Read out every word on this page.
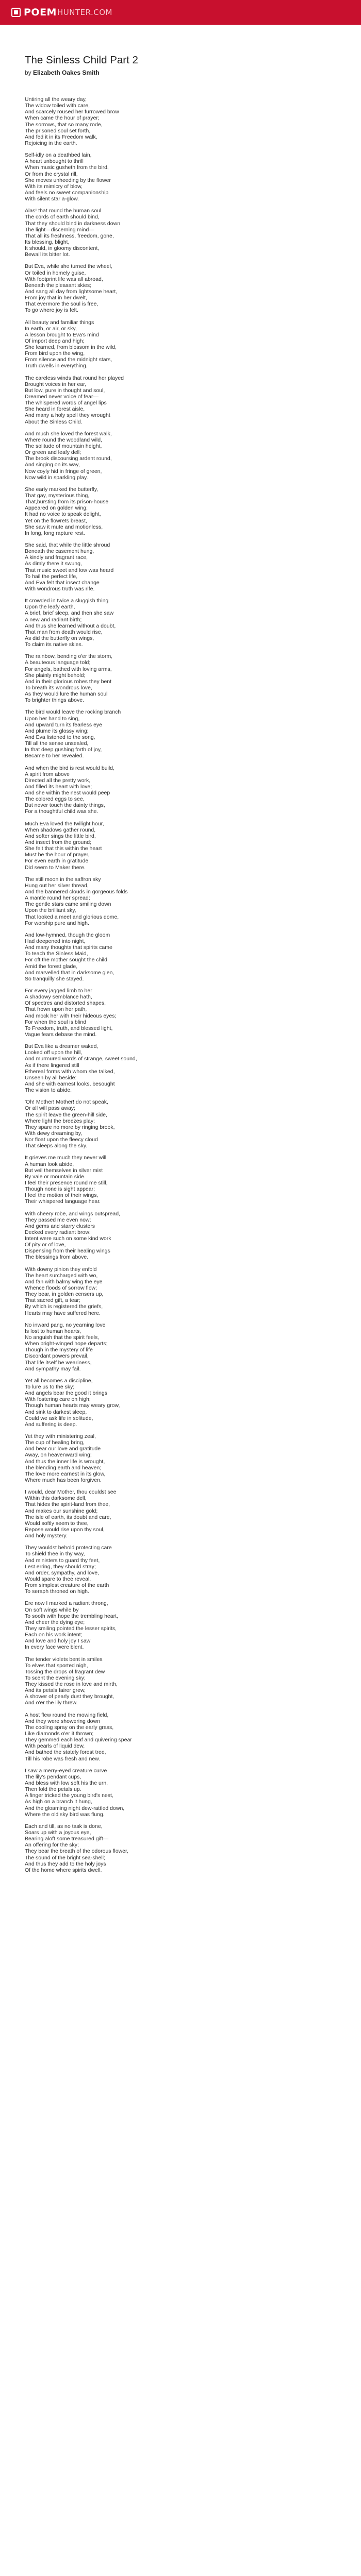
POEM HUNTER.COM
The Sinless Child Part 2
by Elizabeth Oakes Smith
Untiring all the weary day,
The widow toiled with care,
And scarcely roused her furrowed brow
When came the hour of prayer;
The sorrows, that so many rode,
The prisoned soul set forth,
And fed it in its Freedom walk,
Rejoicing in the earth.
Self-idly on a deathbed lain,
A heart unbought to thrill
When music gusheth from the bird,
Or from the crystal rill,
She moves unheeding by the flower
With its mimicry of blow,
And feels no sweet companionship
With silent star a-glow.
Alas! that round the human soul
The cords of earth should bind,
That they should bind in darkness down
The light—discerning mind—
That all its freshness, freedom, gone,
Its blessing, blight,
It should, in gloomy discontent,
Bewail its bitter lot.
But Eva, while she turned the wheel,
Or toiled in homely guise,
With footprint life was all abroad,
Beneath the pleasant skies;
And sang all day from lightsome heart,
From joy that in her dwelt,
That evermore the soul is free,
To go where joy is felt.
All beauty and familiar things
In earth, or air, or sky,
A lesson brought to Eva's mind
Of import deep and high;
She learned, from blossom in the wild,
From bird upon the wing,
From silence and the midnight stars,
Truth dwells in everything.
The careless winds that round her played
Brought voices in her ear,
But low, pure in thought and soul,
Dreamed never voice of fear—
The whispered words of angel lips
She heard in forest aisle,
And many a holy spell they wrought
About the Sinless Child.
And much she loved the forest walk,
Where round the woodland wild,
The solitude of mountain height,
Or green and leafy dell;
The brook discoursing ardent round,
And singing on its way,
Now coyly hid in fringe of green,
Now wild in sparkling play.
She early marked the butterfly,
That gay, mysterious thing,
That,bursting from its prison-house
Appeared on golden wing;
It had no voice to speak delight,
Yet on the flowrets breast,
She saw it mute and motionless,
In long, long rapture rest.
She said, that while the little shroud
Beneath the casement hung,
A kindly and fragrant race,
As dimly there it swung,
That music sweet and low was heard
To hail the perfect life,
And Eva felt that insect change
With wondrous truth was rife.
It crowded in twice a sluggish thing
Upon the leafy earth,
A brief, brief sleep, and then she saw
A new and radiant birth;
And thus she learned without a doubt,
That man from death would rise,
As did the butterfly on wings,
To claim its native skies.
The rainbow, bending o'er the storm,
A beauteous language told;
For angels, bathed with loving arms,
She plainly might behold;
And in their glorious robes they bent
To breath its wondrous love,
As they would lure the human soul
To brighter things above.
The bird would leave the rocking branch
Upon her hand to sing,
And upward turn its fearless eye
And plume its glossy wing;
And Eva listened to the song,
Till all the sense unsealed,
In that deep gushing forth of joy,
Became to her revealed.
And when the bird is rest would build,
A spirit from above
Directed all the pretty work,
And filled its heart with love;
And she within the nest would peep
The colored eggs to see,
But never touch the dainty things,
For a thoughtful child was she.
Much Eva loved the twilight hour,
When shadows gather round,
And softer sings the little bird,
And insect from the ground;
She felt that this within the heart
Must be the hour of prayer,
For even earth in gratitude
Did seem to Maker there.
The still moon in the saffron sky
Hung out her silver thread,
And the bannered clouds in gorgeous folds
A mantle round her spread;
The gentle stars came smiling down
Upon the brilliant sky,
That looked a meet and glorious dome,
For worship pure and high.
And low-hymned, though the gloom
Had deepened into night,
And many thoughts that spirits came
To teach the Sinless Maid,
For oft the mother sought the child
Amid the forest glade,
And marvelled that in darksome glen,
So tranquilly she stayed.
For every jagged limb to her
A shadowy semblance hath,
Of spectres and distorted shapes,
That frown upon her path,
And mock her with their hideous eyes;
For when the soul is blind
To Freedom, truth, and blessed light,
Vague fears debase the mind.
But Eva like a dreamer waked,
Looked off upon the hill,
And murmured words of strange, sweet sound,
As if there lingered still
Ethereal forms with whom she talked,
Unseen by all beside:
And she with earnest looks, besought
The vision to abide.
'Oh! Mother! Mother! do not speak,
Or all will pass away;
The spirit leave the green-hill side,
Where light the breezes play;
They spare no more by ringing brook,
With dewy dreaming by,
Nor float upon the fleecy cloud
That sleeps along the sky.
It grieves me much they never will
A human look abide,
But veil themselves in silver mist
By vale or mountain side.
I feel their presence round me still,
Though none is sight appear;
I feel the motion of their wings,
Their whispered language hear.
With cheery robe, and wings outspread,
They passed me even now;
And gems and starry clusters
Decked every radiant brow:
Intent were such on some kind work
Of pity or of love,
Dispensing from their healing wings
The blessings from above.
With downy pinion they enfold
The heart surcharged with wo,
And fan with balmy wing the eye
Whence floods of sorrow flow;
They bear, in golden censers up,
That sacred gift, a tear;
By which is registered the griefs,
Hearts may have suffered here.
No inward pang, no yearning love
Is lost to human hearts,
No anguish that the spirit feels,
When bright-winged hope departs;
Though in the mystery of life
Discordant powers prevail,
That life itself be weariness,
And sympathy may fail.
Yet all becomes a discipline,
To lure us to the sky;
And angels bear the good it brings
With fostering care on high;
Though human hearts may weary grow,
And sink to darkest sleep,
Could we ask life in solitude,
And suffering is deep.
Yet they with ministering zeal,
The cup of healing bring,
And bear our love and gratitude
Away, on heavenward wing;
And thus the inner life is wrought,
The blending earth and heaven;
The love more earnest in its glow,
Where much has been forgiven.
I would, dear Mother, thou couldst see
Within this darksome dell,
That hides the spirit-land from thee,
And makes our sunshine gold;
The isle of earth, its doubt and care,
Would softly seem to thee,
Repose would rise upon thy soul,
And holy mystery.
They wouldst behold protecting care
To shield thee in thy way,
And ministers to guard thy feet,
Lest erring, they should stray;
And order, sympathy, and love,
Would spare to thee reveal,
From simplest creature of the earth
To seraph throned on high.
Ere now I marked a radiant throng,
On soft wings while by
To sooth with hope the trembling heart,
And cheer the dying eye;
They smiling pointed the lesser spirits,
Each on his work intent;
And love and holy joy I saw
In every face were blent.
The tender violets bent in smiles
To elves that sported nigh,
Tossing the drops of fragrant dew
To scent the evening sky;
They kissed the rose in love and mirth,
And its petals fairer grew,
A shower of pearly dust they brought,
And o'er the lily threw.
A host flew round the mowing field,
And they were showering down
The cooling spray on the early grass,
Like diamonds o'er it thrown;
They gemmed each leaf and quivering spear
With pearls of liquid dew,
And bathed the stately forest tree,
Till his robe was fresh and new.
I saw a merry-eyed creature curve
The lily's pendant cups,
And bless with low soft his the urn,
Then fold the petals up.
A finger tricked the young bird's nest,
As high on a branch it hung,
And the gloaming night dew-rattled down,
Where the old sky bird was flung.
Each and till, as no task is done,
Soars up with a joyous eye,
Bearing aloft some treasured gift—
An offering for the sky;
They bear the breath of the odorous flower,
The sound of the bright sea-shell;
And thus they add to the holy joys
Of the home where spirits dwell.
